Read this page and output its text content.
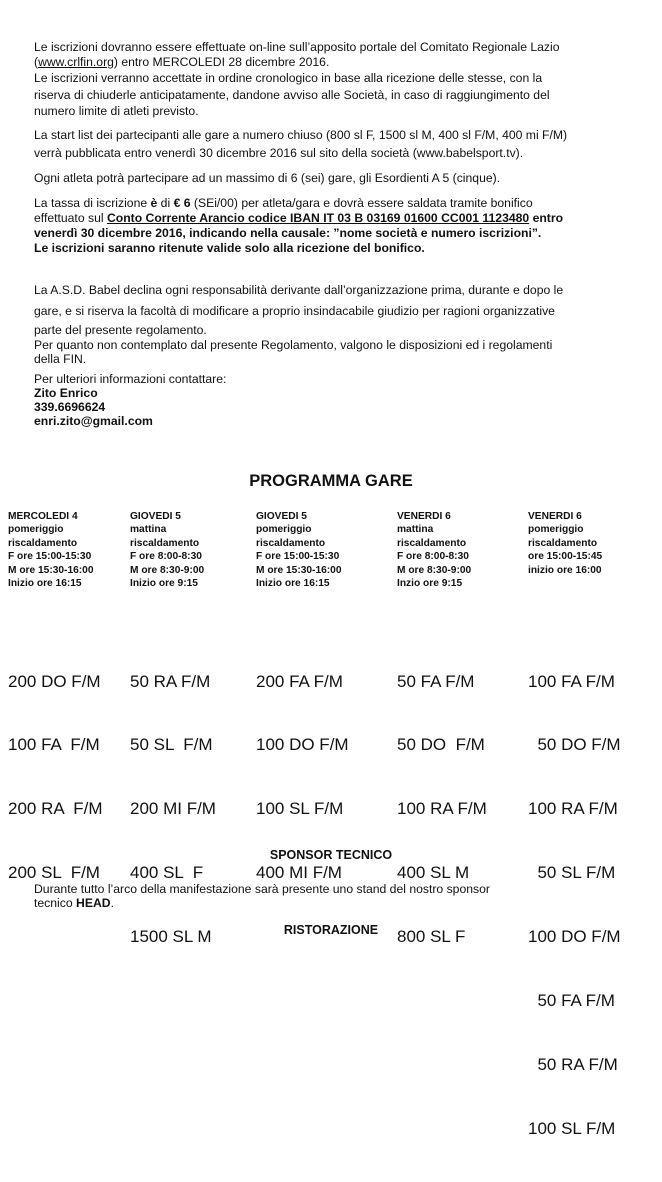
Le iscrizioni dovranno essere effettuate on-line sull’apposito portale del Comitato Regionale Lazio
(www.crlfin.org) entro MERCOLEDI 28 dicembre 2016.
Le iscrizioni verranno accettate in ordine cronologico in base alla ricezione delle stesse, con la
riserva di chiuderle anticipatamente, dandone avviso alle Società, in caso di raggiungimento del
numero limite di atleti previsto.
La start list dei partecipanti alle gare a numero chiuso (800 sl F, 1500 sl M, 400 sl F/M, 400 mi F/M)
verrà pubblicata entro venerdì 30 dicembre 2016 sul sito della società (www.babelsport.tv).
Ogni atleta potrà partecipare ad un massimo di 6 (sei) gare, gli Esordienti A 5 (cinque).
La tassa di iscrizione è di € 6 (SEi/00) per atleta/gara e dovrà essere saldata tramite bonifico
effettuato sul Conto Corrente Arancio codice IBAN IT 03 B 03169 01600 CC001 1123480 entro
venerdì 30 dicembre 2016, indicando nella causale: ”nome società e numero iscrizioni”.
Le iscrizioni saranno ritenute valide solo alla ricezione del bonifico.
La A.S.D. Babel declina ogni responsabilità derivante dall’organizzazione prima, durante e dopo le
gare, e si riserva la facoltà di modificare a proprio insindacabile giudizio per ragioni organizzative
parte del presente regolamento.
Per quanto non contemplato dal presente Regolamento, valgono le disposizioni ed i regolamenti
della FIN.
Per ulteriori informazioni contattare:
Zito Enrico
339.6696624
enri.zito@gmail.com
PROGRAMMA GARE
MERCOLEDI 4
pomeriggio
riscaldamento
F ore 15:00-15:30
M ore 15:30-16:00
Inizio ore 16:15

200 DO F/M

100 FA  F/M

200 RA  F/M

200 SL  F/M

GIOVEDI 5
mattina
riscaldamento
F ore 8:00-8:30
M ore 8:30-9:00
Inizio ore 9:15

50 RA F/M

50 SL  F/M

200 MI F/M

400 SL  F

1500 SL M

GIOVEDI 5
pomeriggio
riscaldamento
F ore 15:00-15:30
M ore 15:30-16:00
Inizio ore 16:15

200 FA F/M

100 DO F/M

100 SL F/M

400 MI F/M

VENERDI 6
mattina
riscaldamento
F ore 8:00-8:30
M ore 8:30-9:00
Inzio ore 9:15

50 FA F/M

50 DO  F/M

100 RA F/M

400 SL M

800 SL F

VENERDI 6
pomeriggio
riscaldamento
ore 15:00-15:45
inizio ore 16:00

100 FA F/M

50 DO F/M

100 RA F/M

50 SL F/M

100 DO F/M

50 FA F/M

50 RA F/M

100 SL F/M

SPONSOR TECNICO
Durante tutto l’arco della manifestazione sarà presente uno stand del nostro sponsor
tecnico HEAD.
RISTORAZIONE
